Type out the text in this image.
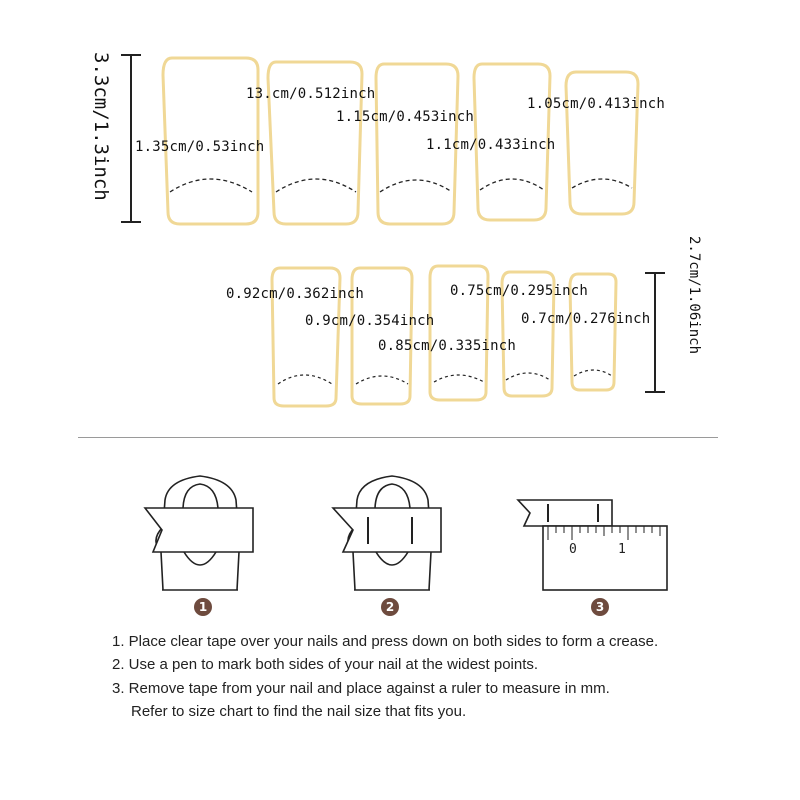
3.3cm/1.3inch
2.7cm/1.06inch
1.35cm/0.53inch
13.cm/0.512inch
1.15cm/0.453inch
1.1cm/0.433inch
1.05cm/0.413inch
0.92cm/0.362inch
0.9cm/0.354inch
0.85cm/0.335inch
0.75cm/0.295inch
0.7cm/0.276inch
0	1
1	2	3
1. Place clear tape over your nails and press down on both sides to form a crease.
2. Use a pen to mark both sides of your nail at the widest points.
3. Remove tape from your nail and place against a ruler to measure in mm.
Refer to size chart to find the nail size that fits you.
